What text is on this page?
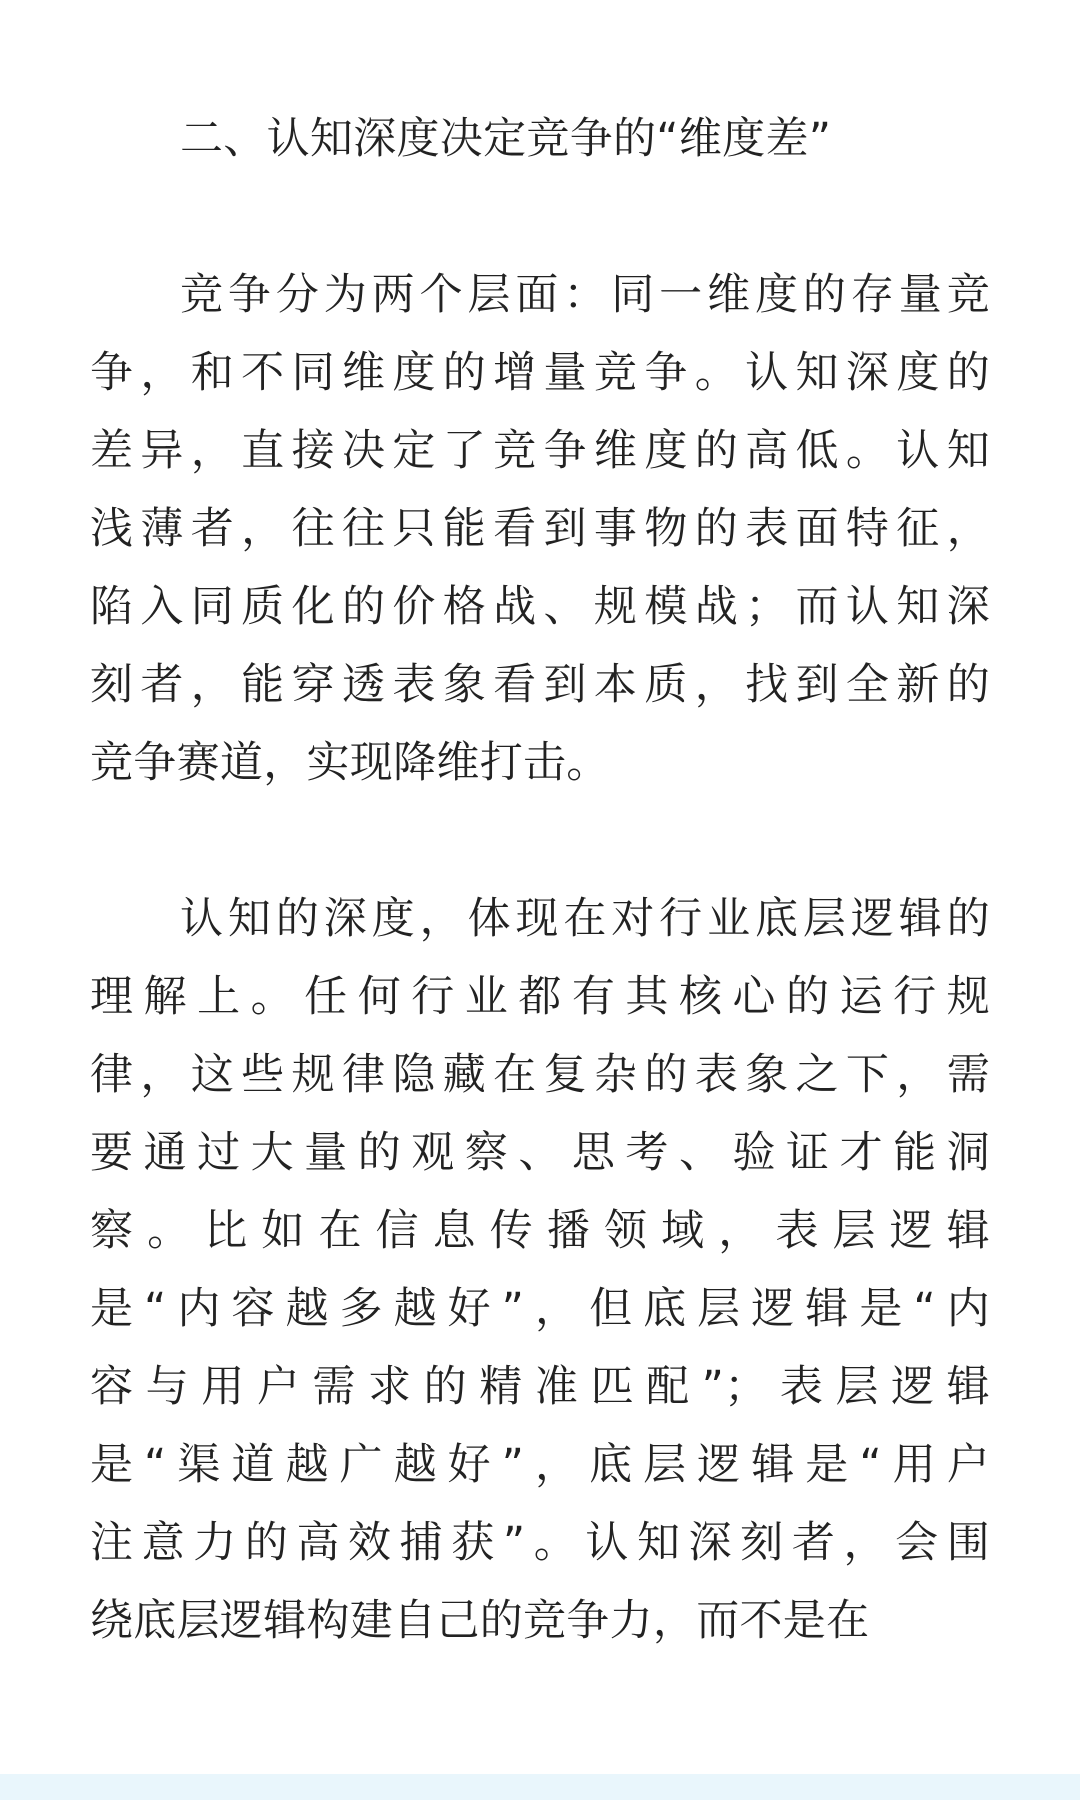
二、认知深度决定竞争的“维度差”
竞争分为两个层面：同一维度的存量竞
争，和不同维度的增量竞争。认知深度的
差异，直接决定了竞争维度的高低。认知
浅薄者，往往只能看到事物的表面特征，
陷入同质化的价格战、规模战；而认知深
刻者，能穿透表象看到本质，找到全新的
竞争赛道，实现降维打击。
认知的深度，体现在对行业底层逻辑的
理解上。任何行业都有其核心的运行规
律，这些规律隐藏在复杂的表象之下，需
要通过大量的观察、思考、验证才能洞
察。比如在信息传播领域，表层逻辑
是“内容越多越好”，但底层逻辑是“内
容与用户需求的精准匹配”；表层逻辑
是“渠道越广越好”，底层逻辑是“用户
注意力的高效捕获”。认知深刻者，会围
绕底层逻辑构建自己的竞争力，而不是在
